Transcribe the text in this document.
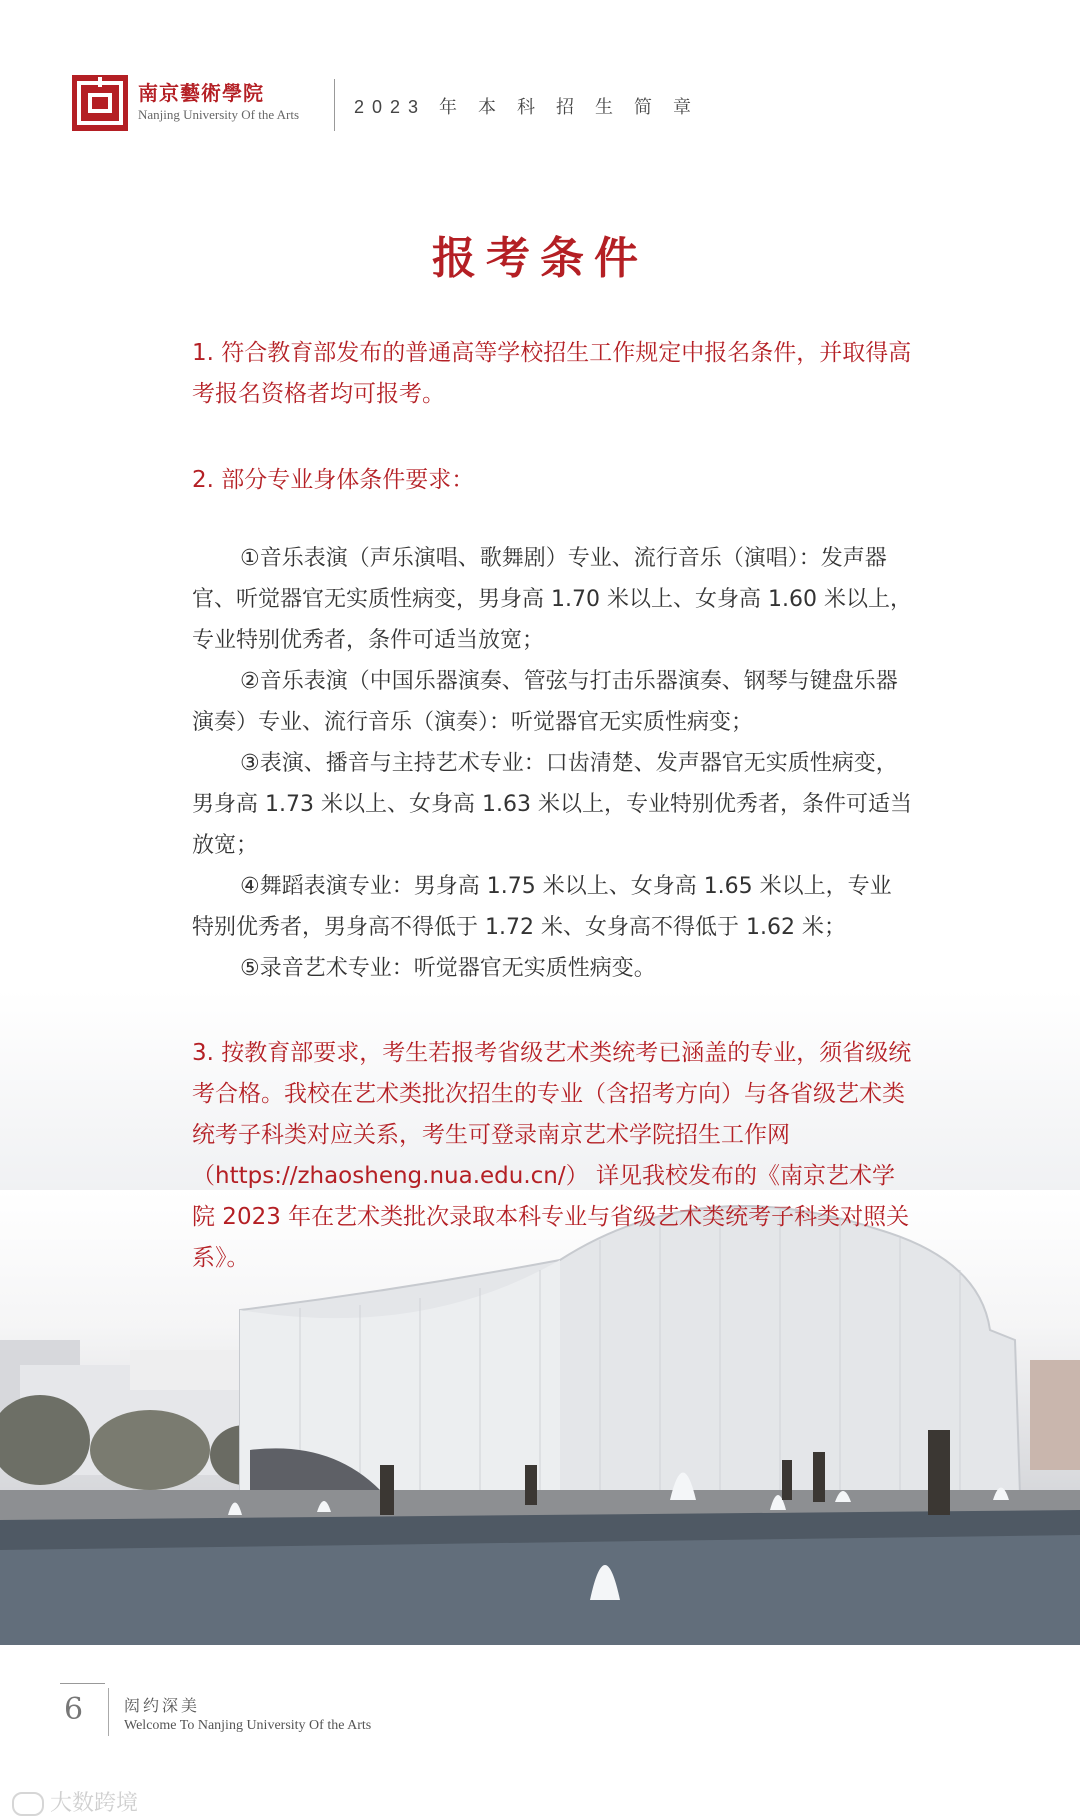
南京藝術學院
Nanjing University Of the Arts	2023 年 本 科 招 生 简 章
报考条件
1. 符合教育部发布的普通高等学校招生工作规定中报名条件，并取得高考报名资格者均可报考。
2. 部分专业身体条件要求：
①音乐表演（声乐演唱、歌舞剧）专业、流行音乐（演唱）：发声器官、听觉器官无实质性病变，男身高 1.70 米以上、女身高 1.60 米以上，专业特别优秀者，条件可适当放宽；
②音乐表演（中国乐器演奏、管弦与打击乐器演奏、钢琴与键盘乐器演奏）专业、流行音乐（演奏）：听觉器官无实质性病变；
③表演、播音与主持艺术专业：口齿清楚、发声器官无实质性病变，男身高 1.73 米以上、女身高 1.63 米以上，专业特别优秀者，条件可适当放宽；
④舞蹈表演专业：男身高 1.75 米以上、女身高 1.65 米以上，专业特别优秀者，男身高不得低于 1.72 米、女身高不得低于 1.62 米；
⑤录音艺术专业：听觉器官无实质性病变。
3. 按教育部要求，考生若报考省级艺术类统考已涵盖的专业，须省级统考合格。我校在艺术类批次招生的专业（含招考方向）与各省级艺术类统考子科类对应关系，考生可登录南京艺术学院招生工作网（https://zhaosheng.nua.edu.cn/） 详见我校发布的《南京艺术学院 2023 年在艺术类批次录取本科专业与省级艺术类统考子科类对照关系》。
6	闳约深美
Welcome To Nanjing University Of the Arts
大数跨境
